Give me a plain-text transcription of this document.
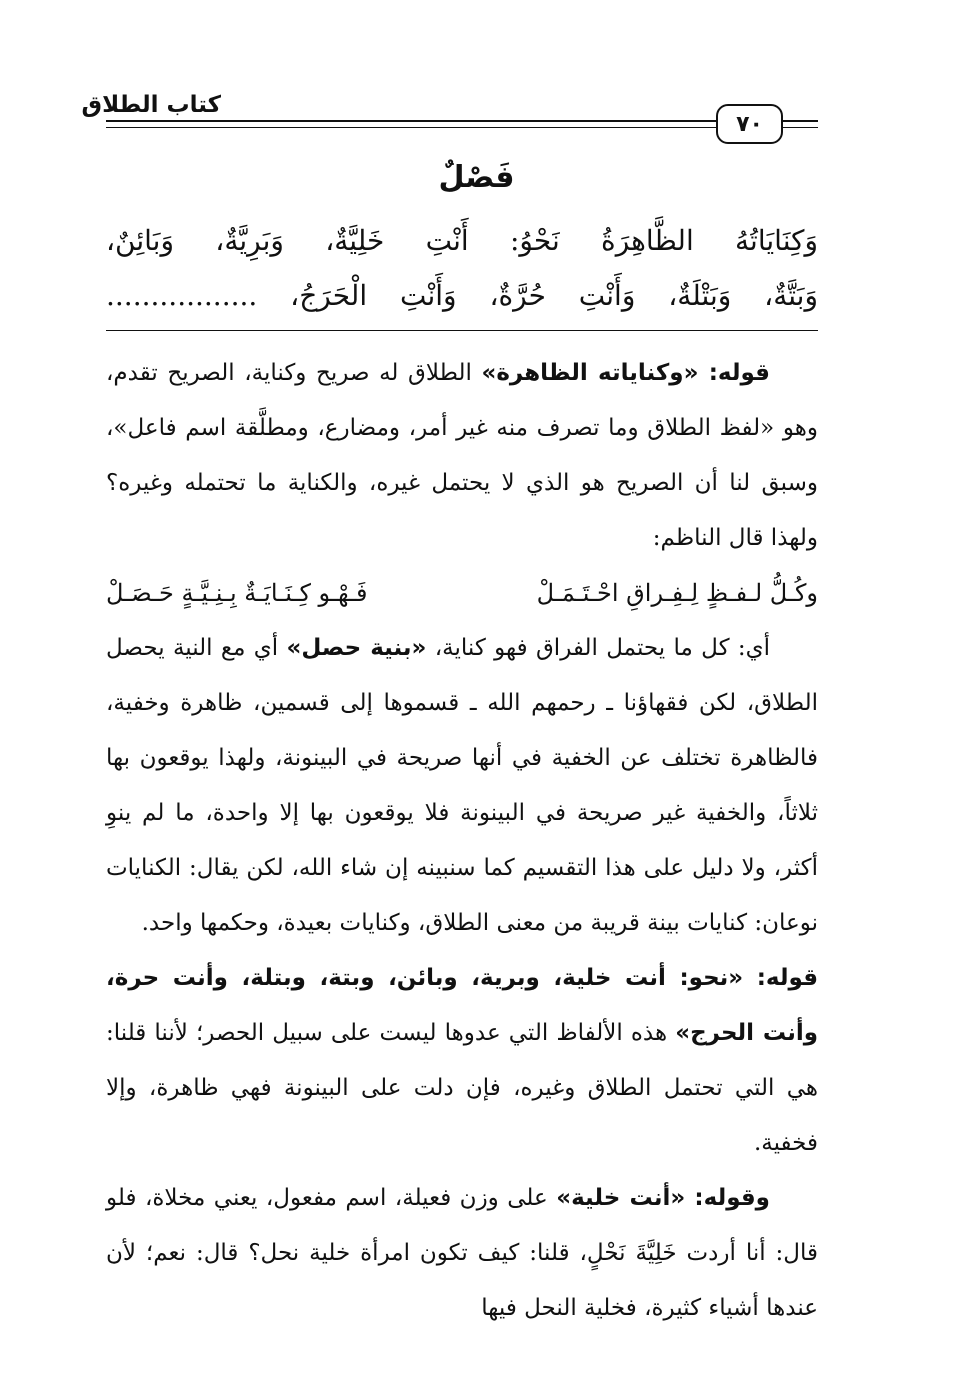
كتاب الطلاق
٧٠
فَصْلٌ
وَكِنَايَاتُهُ الظَّاهِرَةُ نَحْوُ: أَنْتِ خَلِيَّةٌ، وَبَرِيَّةٌ، وَبَائِنٌ،
وَبَتَّةٌ، وَبَتْلَةٌ، وَأَنْتِ حُرَّةٌ، وَأَنْتِ الْحَرَجُ، .................

قوله: «وكناياته الظاهرة» الطلاق له صريح وكناية، الصريح تقدم، وهو «لفظ الطلاق وما تصرف منه غير أمر، ومضارع، ومطلَّقة اسم فاعل»، وسبق لنا أن الصريح هو الذي لا يحتمل غيره، والكناية ما تحتمله وغيره؟ ولهذا قال الناظم:

وكُـلُّ لـفـظٍ لِـفِـراقِ احْـتَـمَـلْ
فَـهْـو كِـنَـايَـةٌ بِـنِـيَّـةٍ حَـصَـلْ

أي: كل ما يحتمل الفراق فهو كناية، «بنية حصل» أي مع النية يحصل الطلاق، لكن فقهاؤنا ـ رحمهم الله ـ قسموها إلى قسمين، ظاهرة وخفية، فالظاهرة تختلف عن الخفية في أنها صريحة في البينونة، ولهذا يوقعون بها ثلاثاً، والخفية غير صريحة في البينونة فلا يوقعون بها إلا واحدة، ما لم ينوِ أكثر، ولا دليل على هذا التقسيم كما سنبينه إن شاء الله، لكن يقال: الكنايات نوعان: كنايات بينة قريبة من معنى الطلاق، وكنايات بعيدة، وحكمها واحد.

قوله: «نحو: أنت خلية، وبرية، وبائن، وبتة، وبتلة، وأنت حرة، وأنت الحرج» هذه الألفاظ التي عدوها ليست على سبيل الحصر؛ لأننا قلنا: هي التي تحتمل الطلاق وغيره، فإن دلت على البينونة فهي ظاهرة، وإلا فخفية.

وقوله: «أنت خلية» على وزن فعيلة، اسم مفعول، يعني مخلاة، فلو قال: أنا أردت خَلِيَّةَ نَحْلٍ، قلنا: كيف تكون امرأة خلية نحل؟ قال: نعم؛ لأن عندها أشياء كثيرة، فخلية النحل فيها
